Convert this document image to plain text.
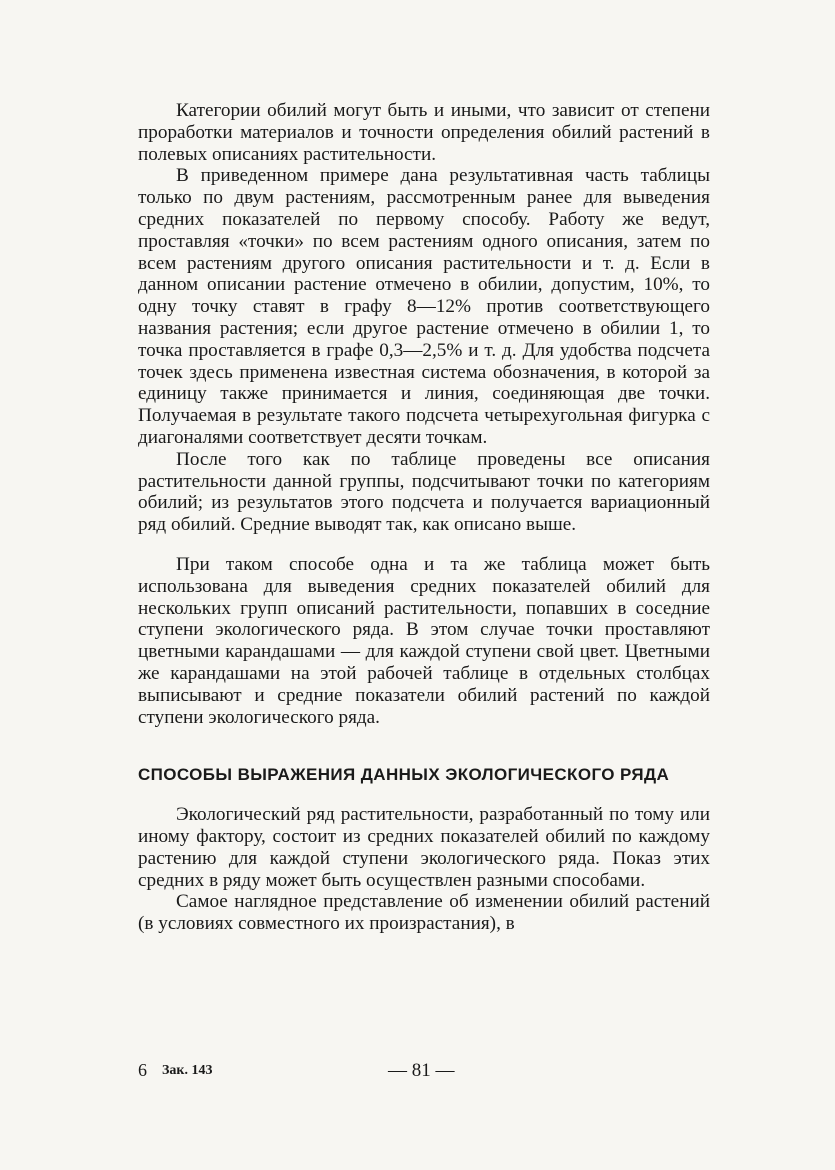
Категории обилий могут быть и иными, что зависит от степени проработки материалов и точности определения обилий растений в полевых описаниях растительности.

В приведенном примере дана результативная часть таблицы только по двум растениям, рассмотренным ранее для выведения средних показателей по первому способу. Работу же ведут, проставляя «точки» по всем растениям одного описания, затем по всем растениям другого описания растительности и т. д. Если в данном описании растение отмечено в обилии, допустим, 10%, то одну точку ставят в графу 8—12% против соответствующего названия растения; если другое растение отмечено в обилии 1, то точка проставляется в графе 0,3—2,5% и т. д. Для удобства подсчета точек здесь применена известная система обозначения, в которой за единицу также принимается и линия, соединяющая две точки. Получаемая в результате такого подсчета четырехугольная фигурка с диагоналями соответствует десяти точкам.

После того как по таблице проведены все описания растительности данной группы, подсчитывают точки по категориям обилий; из результатов этого подсчета и получается вариационный ряд обилий. Средние выводят так, как описано выше.

При таком способе одна и та же таблица может быть использована для выведения средних показателей обилий для нескольких групп описаний растительности, попавших в соседние ступени экологического ряда. В этом случае точки проставляют цветными карандашами — для каждой ступени свой цвет. Цветными же карандашами на этой рабочей таблице в отдельных столбцах выписывают и средние показатели обилий растений по каждой ступени экологического ряда.

СПОСОБЫ ВЫРАЖЕНИЯ ДАННЫХ ЭКОЛОГИЧЕСКОГО РЯДА

Экологический ряд растительности, разработанный по тому или иному фактору, состоит из средних показателей обилий по каждому растению для каждой ступени экологического ряда. Показ этих средних в ряду может быть осуществлен разными способами.

Самое наглядное представление об изменении обилий растений (в условиях совместного их произрастания), в

6 Зак. 143	— 81 —
